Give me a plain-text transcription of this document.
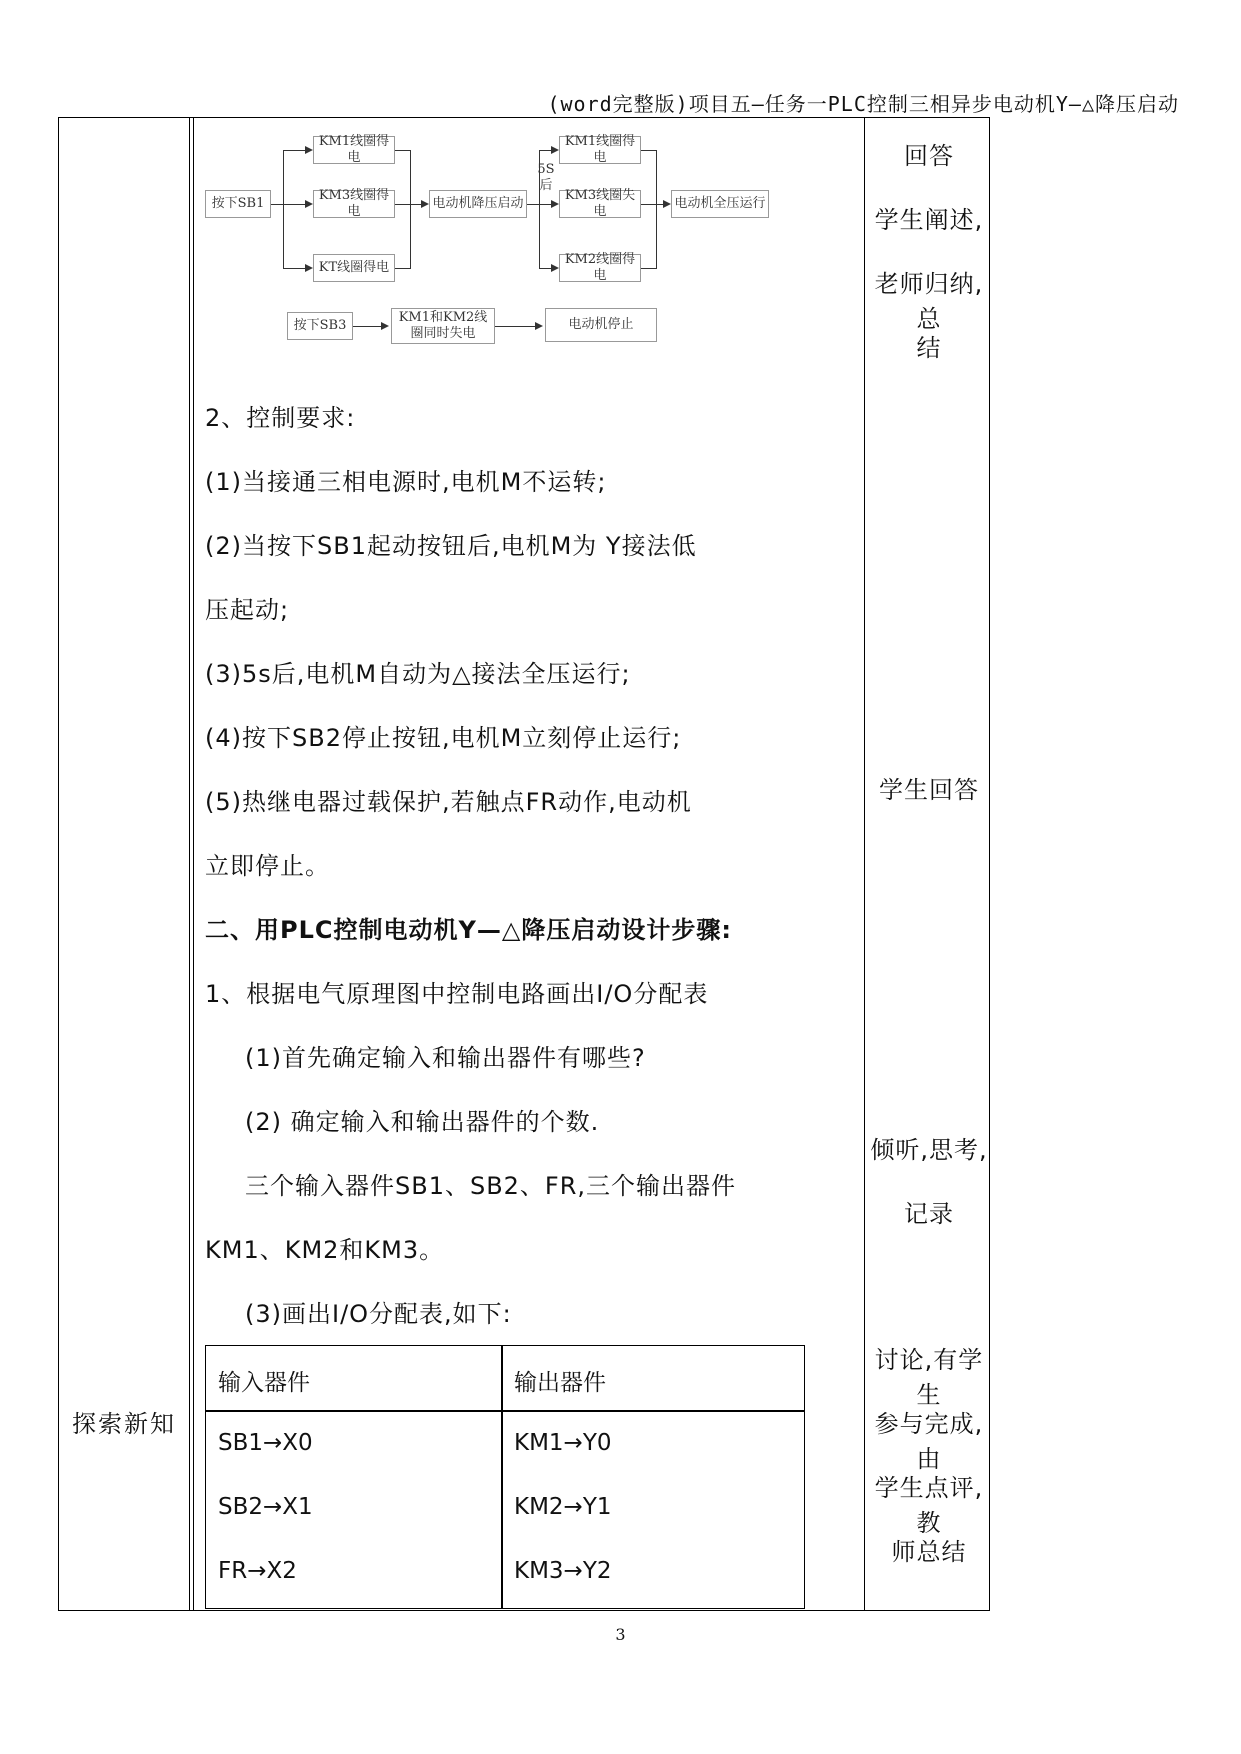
(word完整版)项目五—任务一PLC控制三相异步电动机Y—△降压启动
探索新知
按下SB1
KM1线圈得电
KM3线圈得电
KT线圈得电
电动机降压启动
5S
后
KM1线圈得电
KM3线圈失电
KM2线圈得电
电动机全压运行
按下SB3
KM1和KM2线
圈同时失电
电动机停止
2、控制要求:
(1)当接通三相电源时,电机M不运转;
(2)当按下SB1起动按钮后,电机M为 Y接法低
压起动;
(3)5s后,电机M自动为△接法全压运行;
(4)按下SB2停止按钮,电机M立刻停止运行;
(5)热继电器过载保护,若触点FR动作,电动机
立即停止。
二、用PLC控制电动机Y—△降压启动设计步骤:
1、根据电气原理图中控制电路画出I/O分配表
(1)首先确定输入和输出器件有哪些?
(2) 确定输入和输出器件的个数.
三个输入器件SB1、SB2、FR,三个输出器件
KM1、KM2和KM3。
(3)画出I/O分配表,如下:
输入器件	输出器件
SB1→X0	KM1→Y0
SB2→X1	KM2→Y1
FR→X2	KM3→Y2
回答
学生阐述,
老师归纳,总
结
学生回答
倾听,思考,
记录
讨论,有学生
参与完成,由
学生点评,教
师总结
3
